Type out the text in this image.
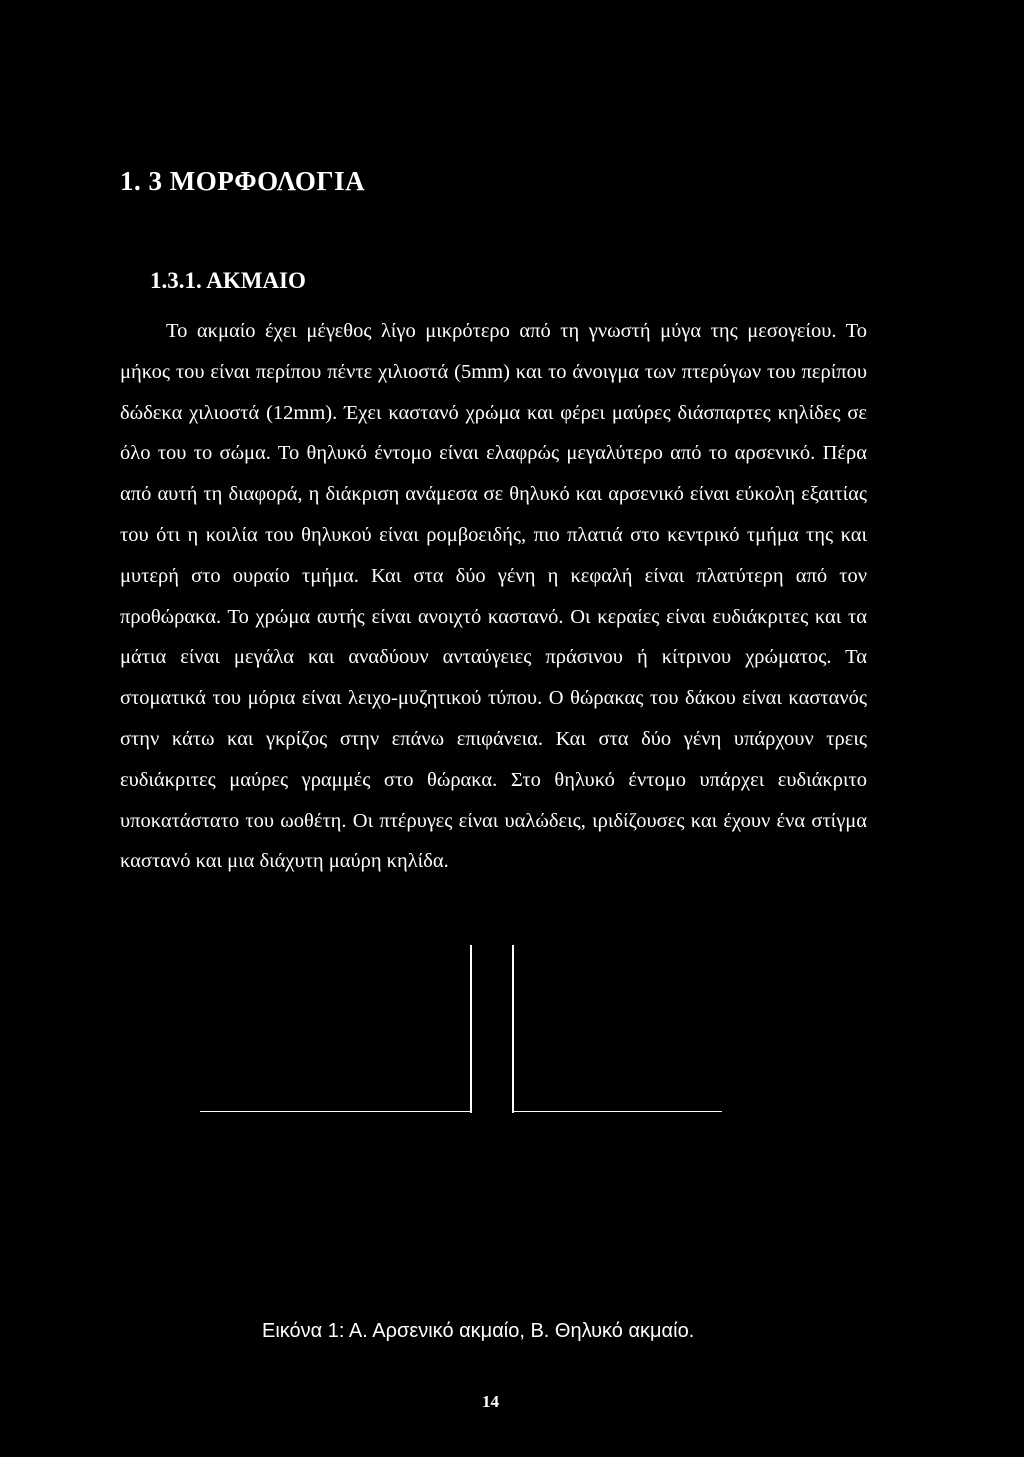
1. 3 ΜΟΡΦΟΛΟΓΙΑ
1.3.1. ΑΚΜΑΙΟ

Το ακμαίο έχει μέγεθος λίγο μικρότερο από τη γνωστή μύγα της μεσογείου. Το μήκος του είναι περίπου πέντε χιλιοστά (5mm) και το άνοιγμα των πτερύγων του περίπου δώδεκα χιλιοστά (12mm). Έχει καστανό χρώμα και φέρει μαύρες διάσπαρτες κηλίδες σε όλο του το σώμα. Το θηλυκό έντομο είναι ελαφρώς μεγαλύτερο από το αρσενικό. Πέρα από αυτή τη διαφορά, η διάκριση ανάμεσα σε θηλυκό και αρσενικό είναι εύκολη εξαιτίας του ότι η κοιλία του θηλυκού είναι ρομβοειδής, πιο πλατιά στο κεντρικό τμήμα της και μυτερή στο ουραίο τμήμα. Και στα δύο γένη η κεφαλή είναι πλατύτερη από τον προθώρακα. Το χρώμα αυτής είναι ανοιχτό καστανό. Οι κεραίες είναι ευδιάκριτες και τα μάτια είναι μεγάλα και αναδύουν ανταύγειες πράσινου ή κίτρινου χρώματος. Τα στοματικά του μόρια είναι λειχο-μυζητικού τύπου. Ο θώρακας του δάκου είναι καστανός στην κάτω και γκρίζος στην επάνω επιφάνεια. Και στα δύο γένη υπάρχουν τρεις ευδιάκριτες μαύρες γραμμές στο θώρακα. Στο θηλυκό έντομο υπάρχει ευδιάκριτο υποκατάστατο του ωοθέτη. Οι πτέρυγες είναι υαλώδεις, ιριδίζουσες και έχουν ένα στίγμα καστανό και μια διάχυτη μαύρη κηλίδα.

Εικόνα 1: Α. Αρσενικό ακμαίο, Β. Θηλυκό ακμαίο.

14
